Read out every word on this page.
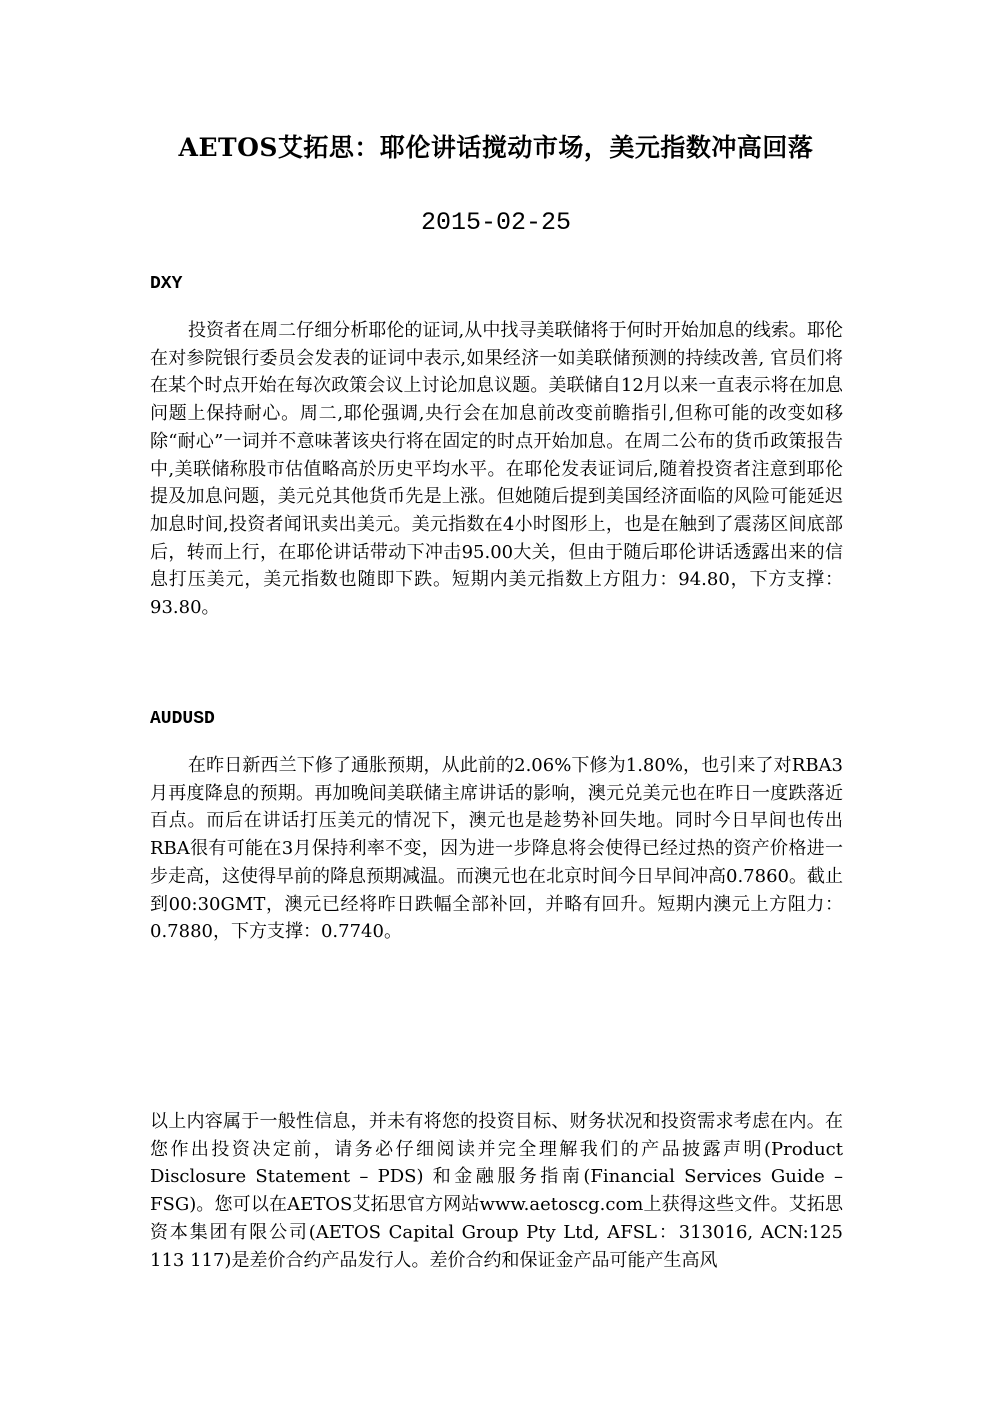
AETOS艾拓思：耶伦讲话搅动市场，美元指数冲高回落
2015-02-25
DXY
投资者在周二仔细分析耶伦的证词,从中找寻美联储将于何时开始加息的线索。耶伦在对参院银行委员会发表的证词中表示,如果经济一如美联储预测的持续改善, 官员们将在某个时点开始在每次政策会议上讨论加息议题。美联储自12月以来一直表示将在加息问题上保持耐心。周二,耶伦强调,央行会在加息前改变前瞻指引,但称可能的改变如移除“耐心”一词并不意味著该央行将在固定的时点开始加息。在周二公布的货币政策报告中,美联储称股市估值略高於历史平均水平。在耶伦发表证词后,随着投资者注意到耶伦提及加息问题，美元兑其他货币先是上涨。但她随后提到美国经济面临的风险可能延迟加息时间,投资者闻讯卖出美元。美元指数在4小时图形上，也是在触到了震荡区间底部后，转而上行，在耶伦讲话带动下冲击95.00大关，但由于随后耶伦讲话透露出来的信息打压美元，美元指数也随即下跌。短期内美元指数上方阻力：94.80，下方支撑：93.80。
AUDUSD
在昨日新西兰下修了通胀预期，从此前的2.06%下修为1.80%，也引来了对RBA3月再度降息的预期。再加晚间美联储主席讲话的影响，澳元兑美元也在昨日一度跌落近百点。而后在讲话打压美元的情况下，澳元也是趁势补回失地。同时今日早间也传出RBA很有可能在3月保持利率不变，因为进一步降息将会使得已经过热的资产价格进一步走高，这使得早前的降息预期减温。而澳元也在北京时间今日早间冲高0.7860。截止到00:30GMT，澳元已经将昨日跌幅全部补回，并略有回升。短期内澳元上方阻力：0.7880，下方支撑：0.7740。
以上内容属于一般性信息，并未有将您的投资目标、财务状况和投资需求考虑在内。在您作出投资决定前，请务必仔细阅读并完全理解我们的产品披露声明(Product Disclosure Statement – PDS) 和金融服务指南(Financial Services Guide – FSG)。您可以在AETOS艾拓思官方网站www.aetoscg.com上获得这些文件。艾拓思资本集团有限公司(AETOS Capital Group Pty Ltd, AFSL：313016, ACN:125 113 117)是差价合约产品发行人。差价合约和保证金产品可能产生高风
